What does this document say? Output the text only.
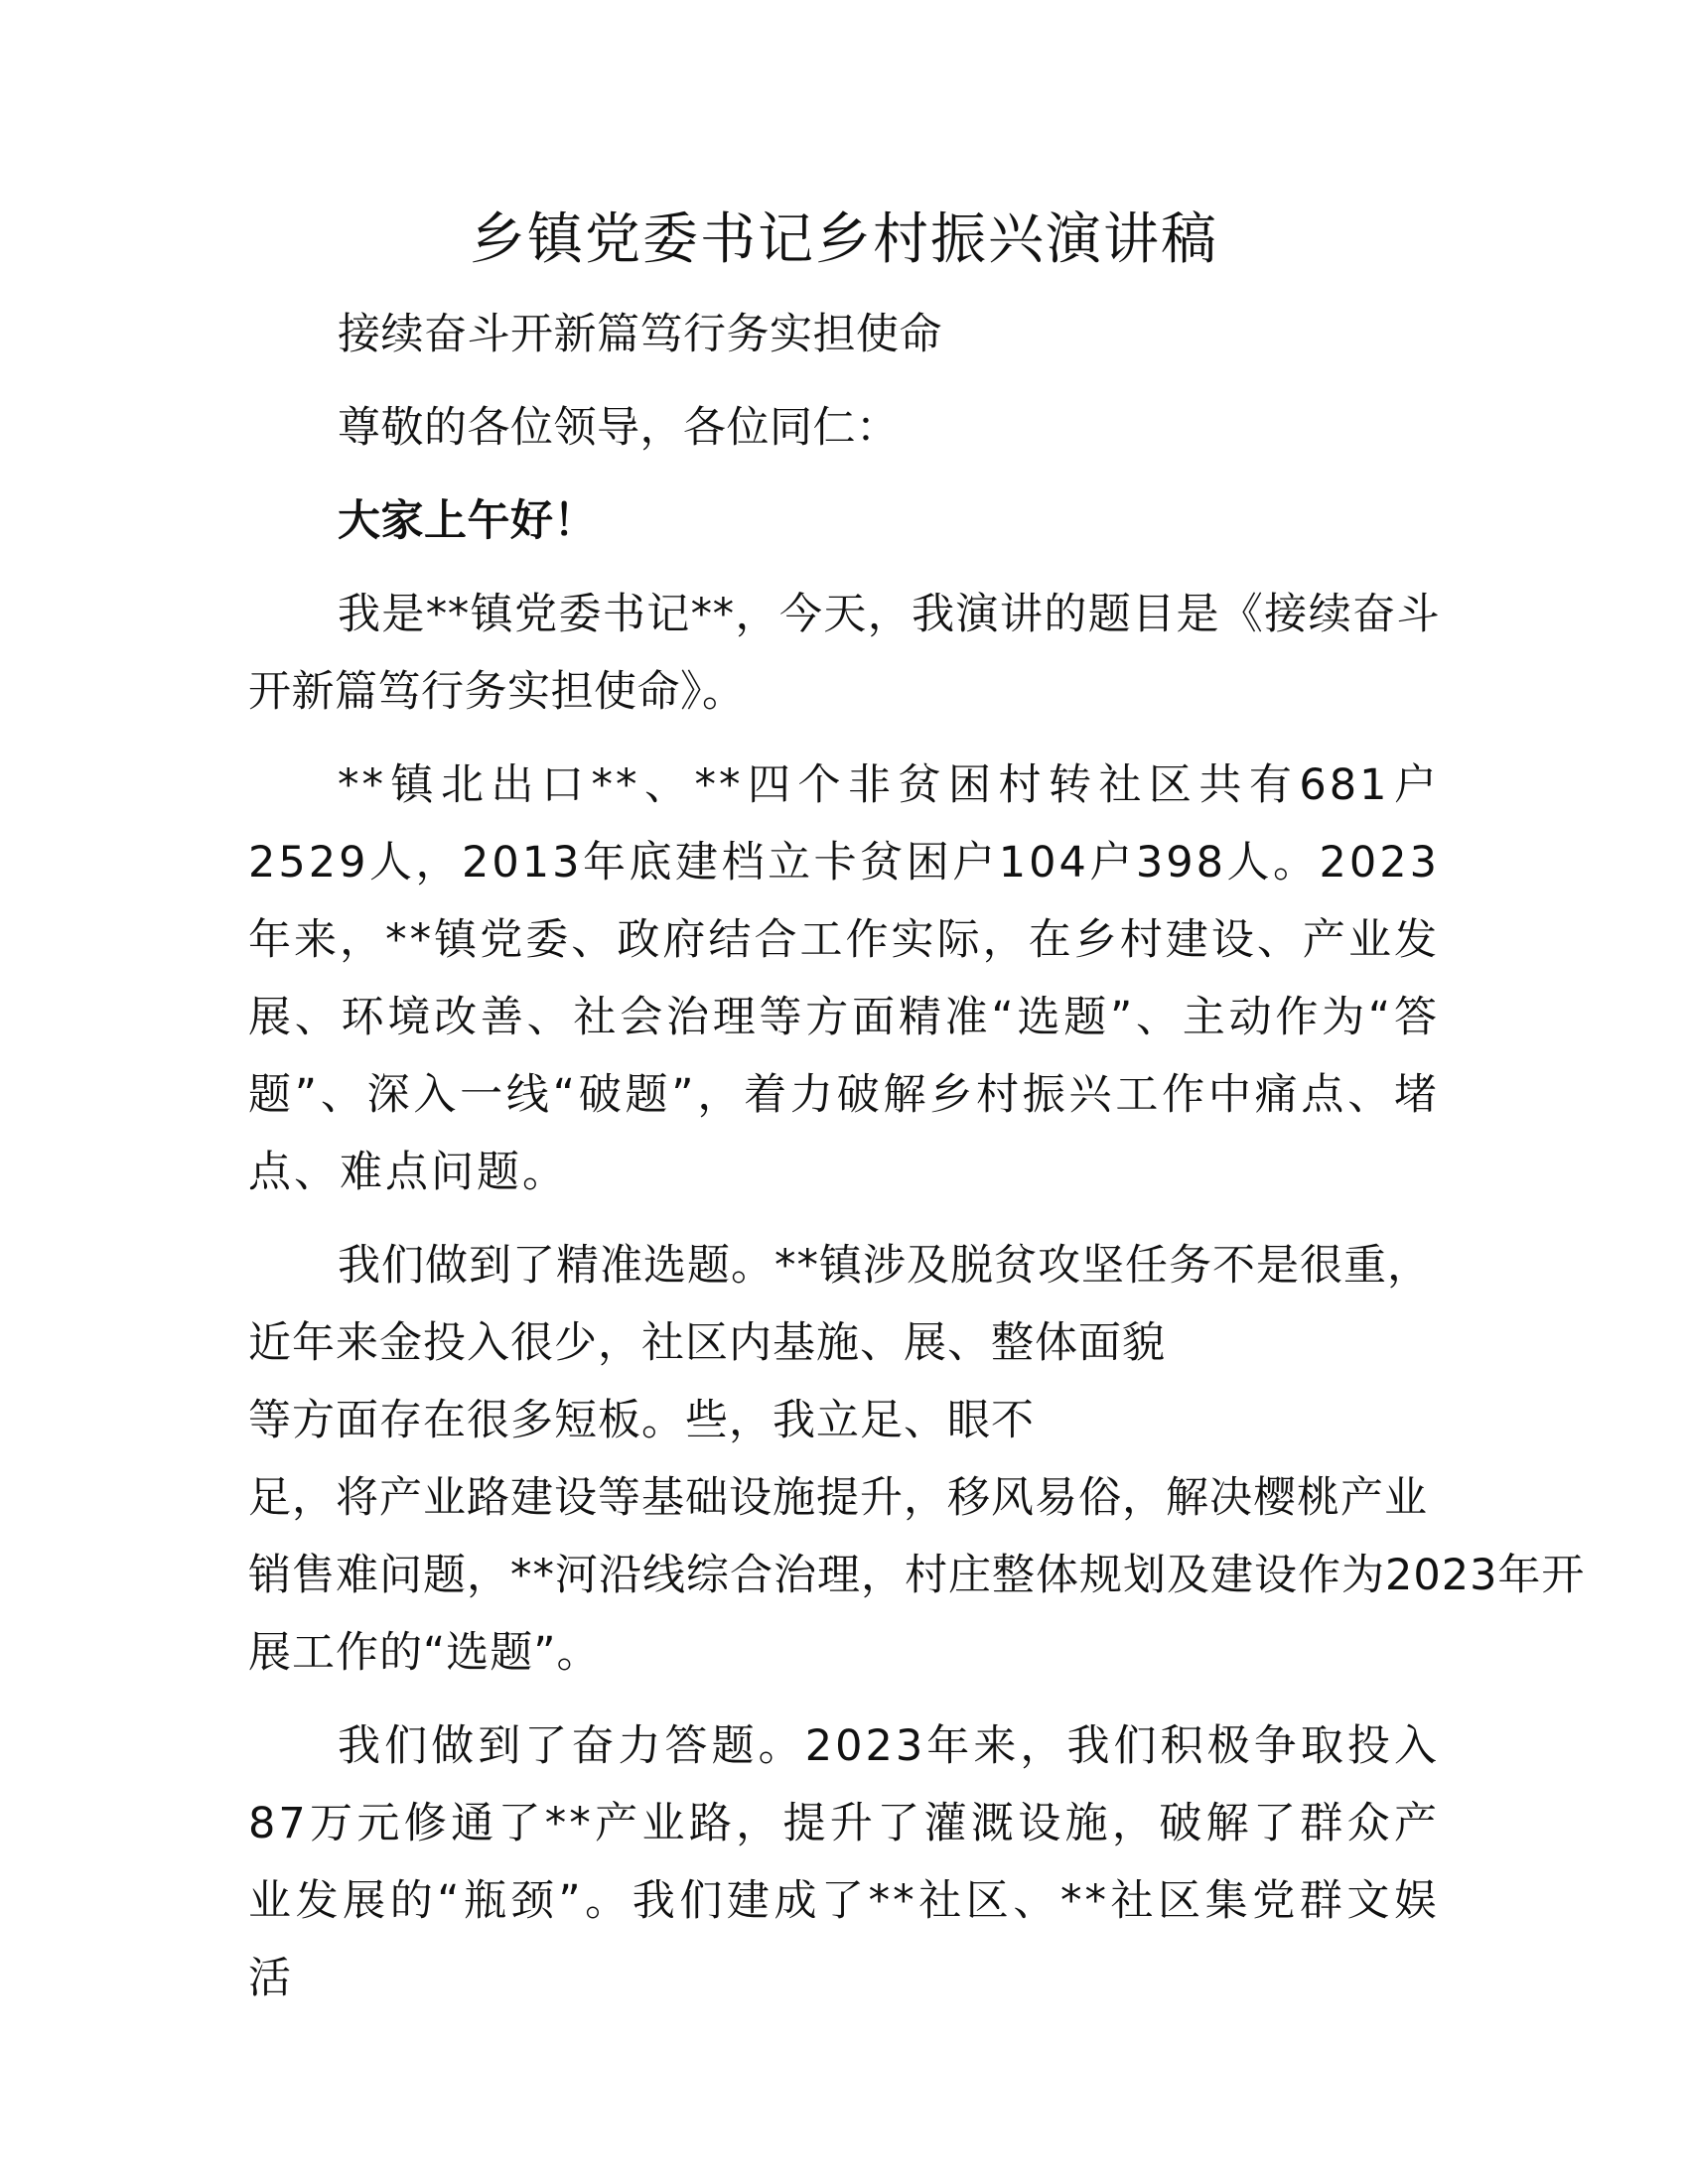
乡镇党委书记乡村振兴演讲稿

接续奋斗开新篇笃行务实担使命

尊敬的各位领导，各位同仁：

大家上午好！

我是**镇党委书记**，今天，我演讲的题目是《接续奋斗开新篇笃行务实担使命》。

**镇北出口**、**四个非贫困村转社区共有681户2529人，2013年底建档立卡贫困户104户398人。2023年来，**镇党委、政府结合工作实际，在乡村建设、产业发展、环境改善、社会治理等方面精准“选题”、主动作为“答题”、深入一线“破题”，着力破解乡村振兴工作中痛点、堵点、难点问题。

我们做到了精准选题。**镇涉及脱贫攻坚任务不是很重，
近年来金投入很少，社区内基施、展、整体面貌
等方面存在很多短板。些，我立足、眼不
足，将产业路建设等基础设施提升，移风易俗，解决樱桃产业
销售难问题，**河沿线综合治理，村庄整体规划及建设作为2023年开
展工作的“选题”。

我们做到了奋力答题。2023年来，我们积极争取投入87万元修通了**产业路，提升了灌溉设施，破解了群众产业发展的“瓶颈”。我们建成了**社区、**社区集党群文娱活
